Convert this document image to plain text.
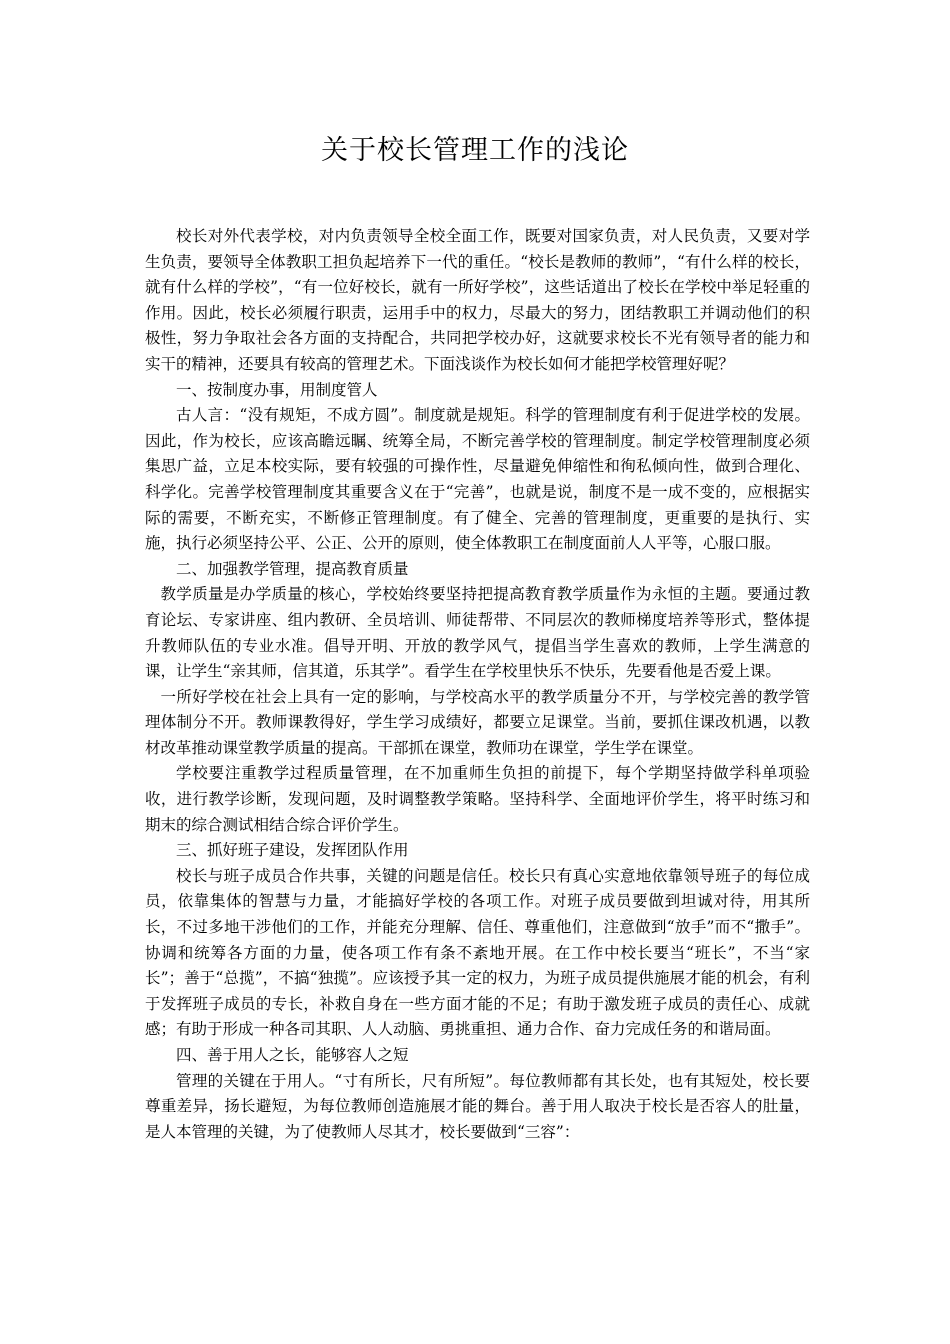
关于校长管理工作的浅论

校长对外代表学校，对内负责领导全校全面工作，既要对国家负责，对人民负责，又要对学生负责，要领导全体教职工担负起培养下一代的重任。“校长是教师的教师”，“有什么样的校长，就有什么样的学校”，“有一位好校长，就有一所好学校”，这些话道出了校长在学校中举足轻重的作用。因此，校长必须履行职责，运用手中的权力，尽最大的努力，团结教职工并调动他们的积极性，努力争取社会各方面的支持配合，共同把学校办好，这就要求校长不光有领导者的能力和实干的精神，还要具有较高的管理艺术。下面浅谈作为校长如何才能把学校管理好呢？

一、按制度办事，用制度管人

古人言：“没有规矩，不成方圆”。制度就是规矩。科学的管理制度有利于促进学校的发展。因此，作为校长，应该高瞻远瞩、统筹全局，不断完善学校的管理制度。制定学校管理制度必须集思广益，立足本校实际，要有较强的可操作性，尽量避免伸缩性和徇私倾向性，做到合理化、科学化。完善学校管理制度其重要含义在于“完善”，也就是说，制度不是一成不变的，应根据实际的需要，不断充实，不断修正管理制度。有了健全、完善的管理制度，更重要的是执行、实施，执行必须坚持公平、公正、公开的原则，使全体教职工在制度面前人人平等，心服口服。

二、加强教学管理，提高教育质量

教学质量是办学质量的核心，学校始终要坚持把提高教育教学质量作为永恒的主题。要通过教育论坛、专家讲座、组内教研、全员培训、师徒帮带、不同层次的教师梯度培养等形式，整体提升教师队伍的专业水准。倡导开明、开放的教学风气，提倡当学生喜欢的教师，上学生满意的课，让学生“亲其师，信其道，乐其学”。看学生在学校里快乐不快乐，先要看他是否爱上课。

一所好学校在社会上具有一定的影响，与学校高水平的教学质量分不开，与学校完善的教学管理体制分不开。教师课教得好，学生学习成绩好，都要立足课堂。当前，要抓住课改机遇，以教材改革推动课堂教学质量的提高。干部抓在课堂，教师功在课堂，学生学在课堂。

学校要注重教学过程质量管理，在不加重师生负担的前提下，每个学期坚持做学科单项验收，进行教学诊断，发现问题，及时调整教学策略。坚持科学、全面地评价学生，将平时练习和期末的综合测试相结合综合评价学生。

三、抓好班子建设，发挥团队作用

校长与班子成员合作共事，关键的问题是信任。校长只有真心实意地依靠领导班子的每位成员，依靠集体的智慧与力量，才能搞好学校的各项工作。对班子成员要做到坦诚对待，用其所长，不过多地干涉他们的工作，并能充分理解、信任、尊重他们，注意做到“放手”而不“撒手”。协调和统筹各方面的力量，使各项工作有条不紊地开展。在工作中校长要当“班长”，不当“家长”；善于“总揽”，不搞“独揽”。应该授予其一定的权力，为班子成员提供施展才能的机会，有利于发挥班子成员的专长，补救自身在一些方面才能的不足；有助于激发班子成员的责任心、成就感；有助于形成一种各司其职、人人动脑、勇挑重担、通力合作、奋力完成任务的和谐局面。

四、善于用人之长，能够容人之短

管理的关键在于用人。“寸有所长，尺有所短”。每位教师都有其长处，也有其短处，校长要尊重差异，扬长避短，为每位教师创造施展才能的舞台。善于用人取决于校长是否容人的肚量，是人本管理的关键，为了使教师人尽其才，校长要做到“三容”：
